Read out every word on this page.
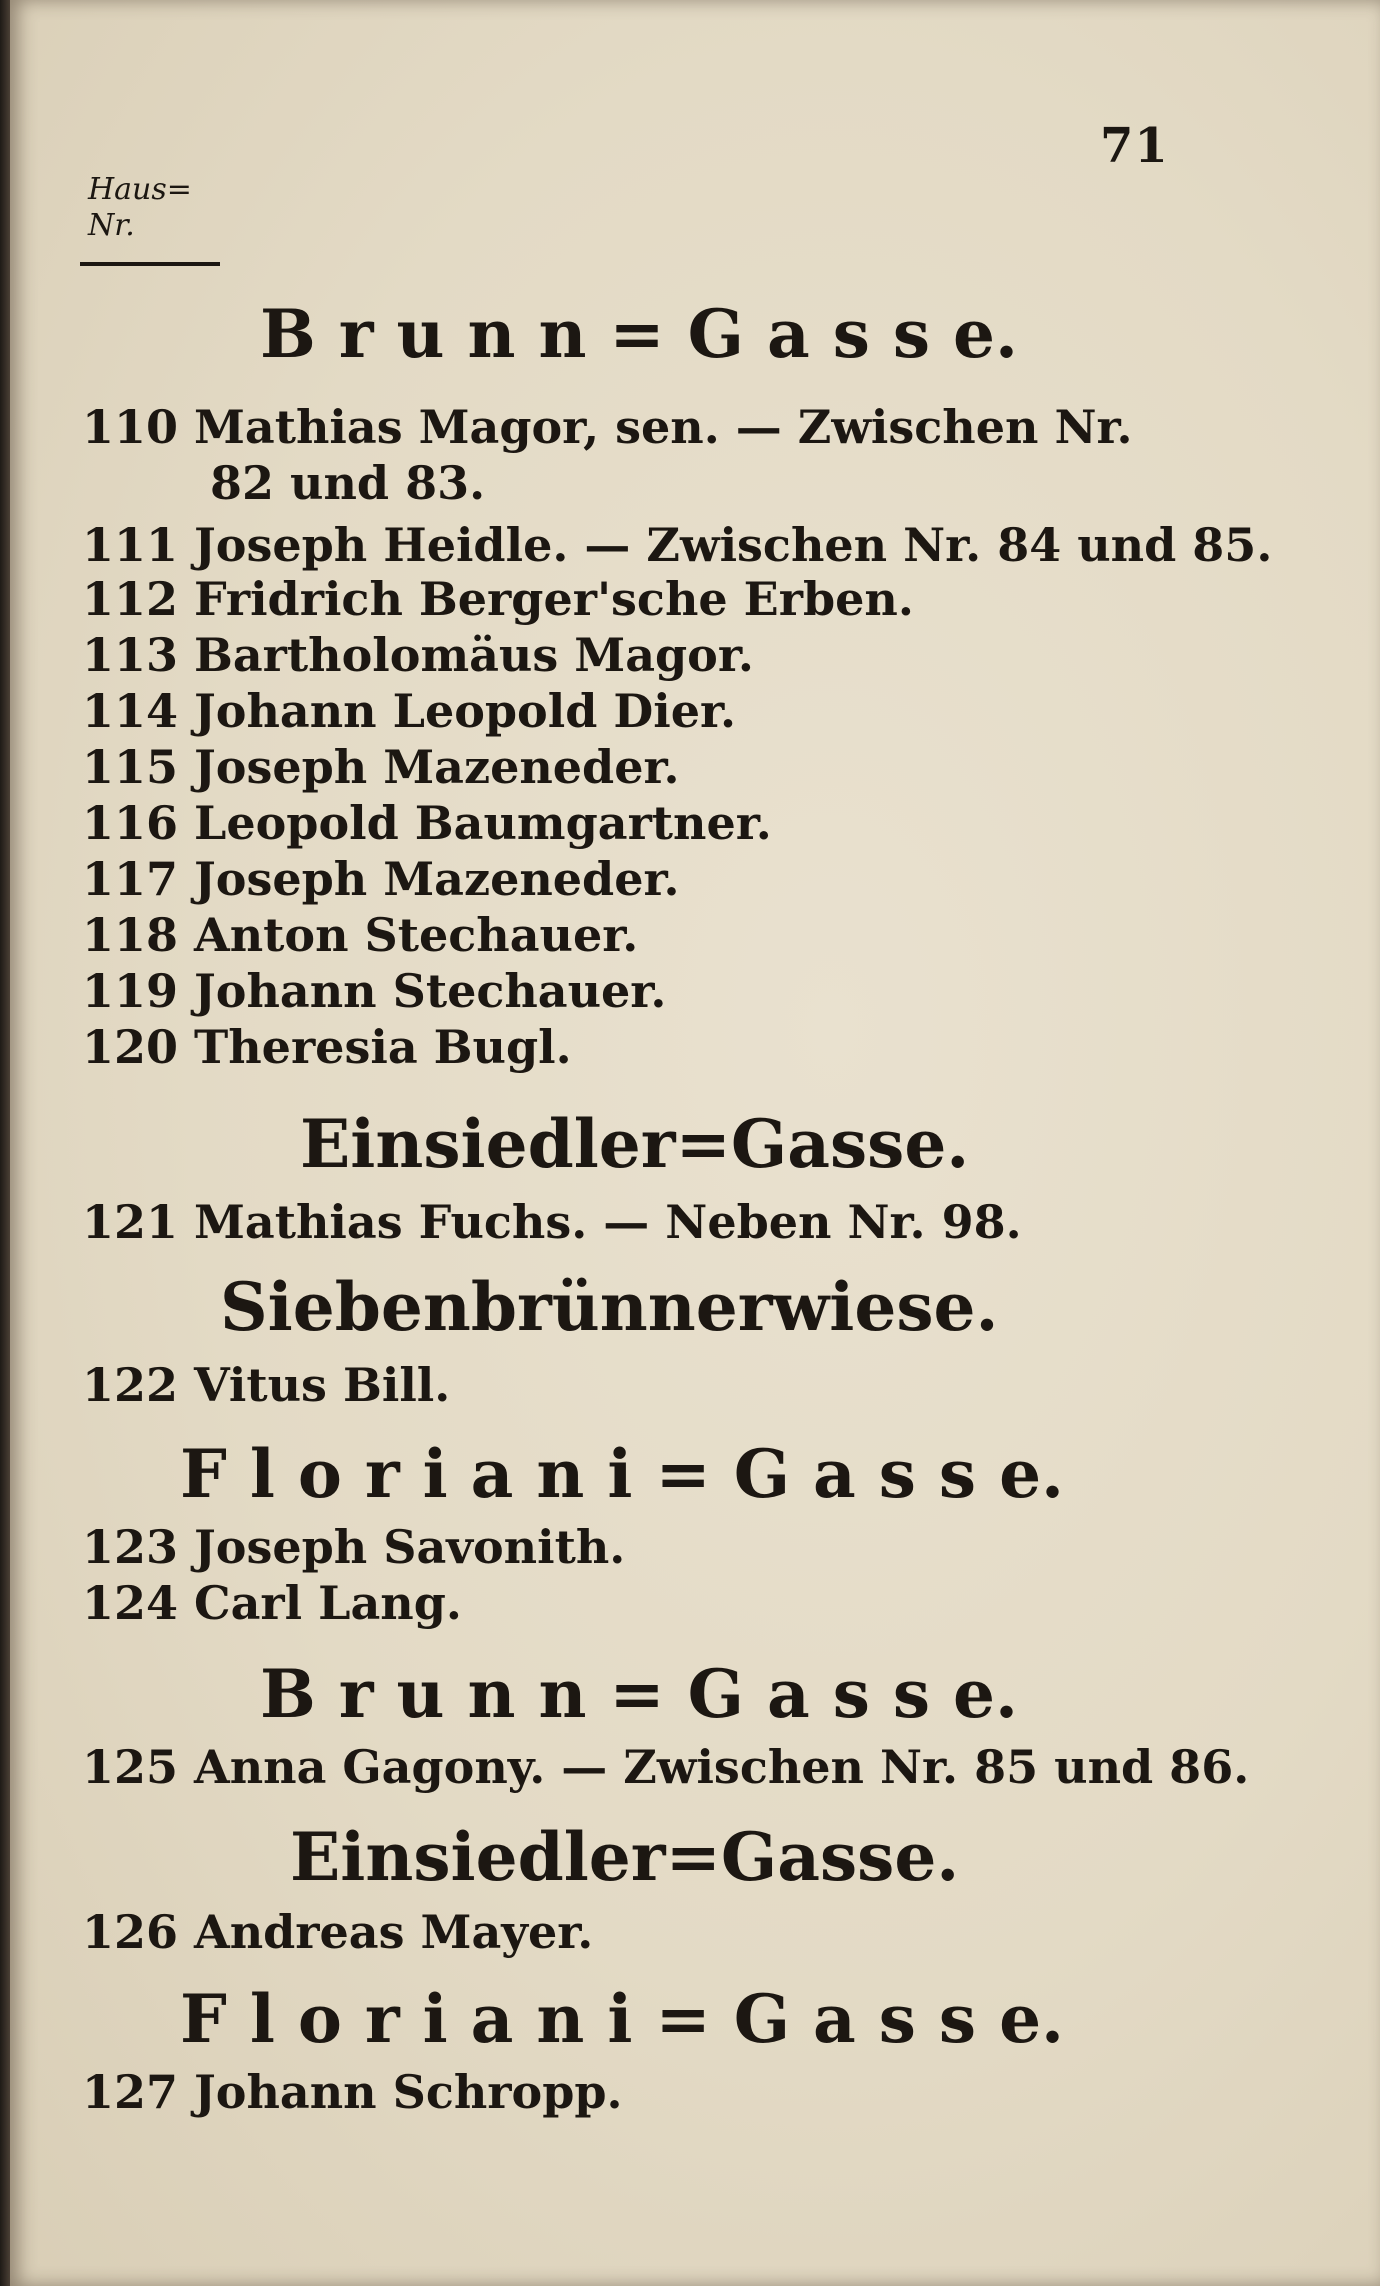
71
Haus=
Nr.
B r u n n = G a s s e.
110 Mathias Magor, sen. — Zwischen Nr.
82 und 83.
111 Joseph Heidle. — Zwischen Nr. 84 und 85.
112 Fridrich Berger'sche Erben.
113 Bartholomäus Magor.
114 Johann Leopold Dier.
115 Joseph Mazeneder.
116 Leopold Baumgartner.
117 Joseph Mazeneder.
118 Anton Stechauer.
119 Johann Stechauer.
120 Theresia Bugl.
Einsiedler=Gasse.
121 Mathias Fuchs. — Neben Nr. 98.
Siebenbrünnerwiese.
122 Vitus Bill.
F l o r i a n i = G a s s e.
123 Joseph Savonith.
124 Carl Lang.
B r u n n = G a s s e.
125 Anna Gagony. — Zwischen Nr. 85 und 86.
Einsiedler=Gasse.
126 Andreas Mayer.
F l o r i a n i = G a s s e.
127 Johann Schropp.
